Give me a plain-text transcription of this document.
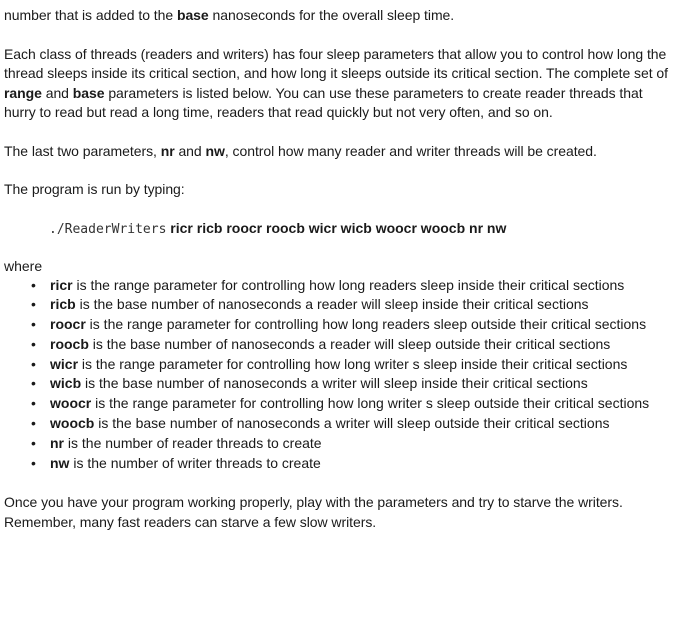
number that is added to the base nanoseconds for the overall sleep time.

Each class of threads (readers and writers) has four sleep parameters that allow you to control how long the thread sleeps inside its critical section, and how long it sleeps outside its critical section. The complete set of range and base parameters is listed below. You can use these parameters to create reader threads that hurry to read but read a long time, readers that read quickly but not very often, and so on.

The last two parameters, nr and nw, control how many reader and writer threads will be created.

The program is run by typing:

./ReaderWriters ricr ricb roocr roocb wicr wicb woocr woocb nr nw

where

• ricr is the range parameter for controlling how long readers sleep inside their critical sections
• ricb is the base number of nanoseconds a reader will sleep inside their critical sections
• roocr is the range parameter for controlling how long readers sleep outside their critical sections
• roocb is the base number of nanoseconds a reader will sleep outside their critical sections
• wicr is the range parameter for controlling how long writer s sleep inside their critical sections
• wicb is the base number of nanoseconds a writer will sleep inside their critical sections
• woocr is the range parameter for controlling how long writer s sleep outside their critical sections
• woocb is the base number of nanoseconds a writer will sleep outside their critical sections
• nr is the number of reader threads to create
• nw is the number of writer threads to create

Once you have your program working properly, play with the parameters and try to starve the writers. Remember, many fast readers can starve a few slow writers.
